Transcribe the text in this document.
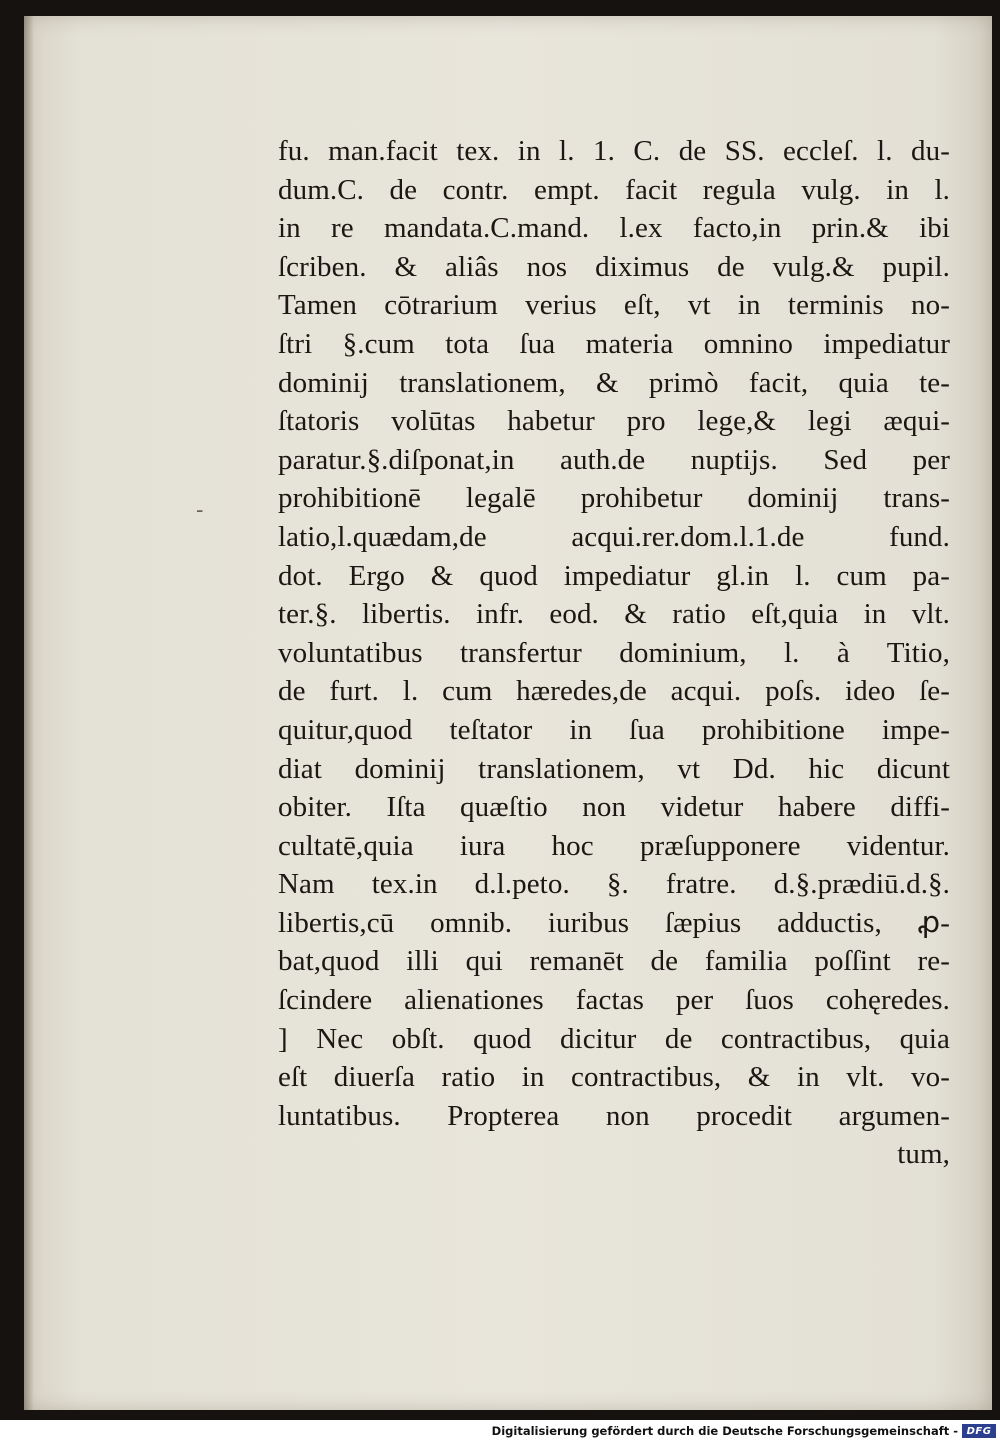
-
fu. man.facit tex. in l. 1. C. de SS. eccleſ. l. du-
dum.C. de contr. empt. facit regula vulg. in l.
in re mandata.C.mand. l.ex facto,in prin.& ibi
ſcriben. & aliâs nos diximus de vulg.& pupil.
Tamen cōtrarium verius eſt, vt in terminis no-
ſtri §.cum tota ſua materia omnino impediatur
dominij translationem, & primò facit, quia te-
ſtatoris volūtas habetur pro lege,& legi æqui-
paratur.§.diſponat,in auth.de nuptijs. Sed per
prohibitionē legalē prohibetur dominij trans-
latio,l.quædam,de acqui.rer.dom.l.1.de fund.
dot. Ergo & quod impediatur gl.in l. cum pa-
ter.§. libertis. infr. eod. & ratio eſt,quia in vlt.
voluntatibus transfertur dominium, l. à Titio,
de furt. l. cum hæredes,de acqui. poſs. ideo ſe-
quitur,quod teſtator in ſua prohibitione impe-
diat dominij translationem, vt Dd. hic dicunt
obiter. Iſta quæſtio non videtur habere diffi-
cultatē,quia iura hoc præſupponere videntur.
Nam tex.in d.l.peto. §. fratre. d.§.prædiū.d.§.
libertis,cū omnib. iuribus ſæpius adductis, ꝓ-
bat,quod illi qui remanēt de familia poſſint re-
ſcindere alienationes factas per ſuos cohęredes.
] Nec obſt. quod dicitur de contractibus, quia
eſt diuerſa ratio in contractibus, & in vlt. vo-
luntatibus. Propterea non procedit argumen-
tum,
Digitalisierung gefördert durch die Deutsche Forschungsgemeinschaft - DFG
